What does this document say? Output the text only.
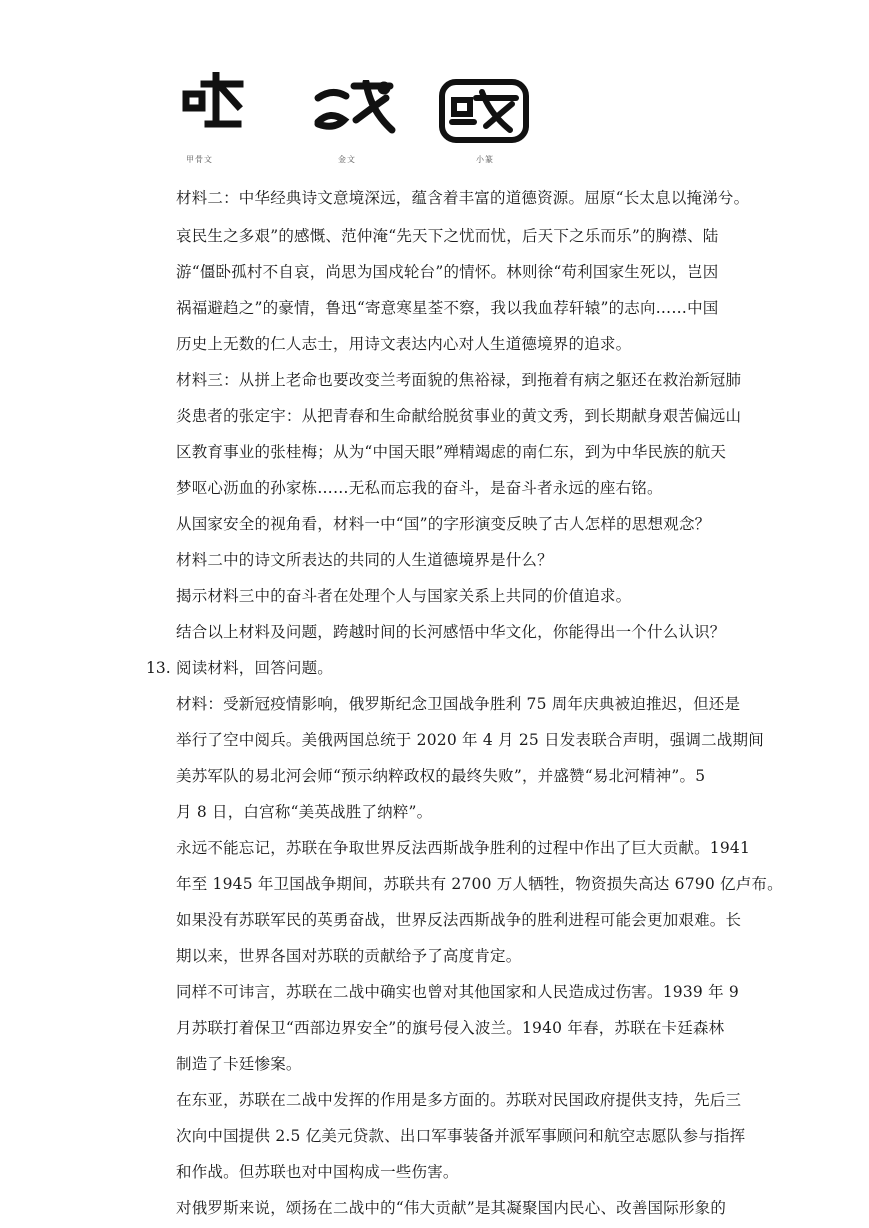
甲骨文	金文	小篆
材料二：中华经典诗文意境深远，蕴含着丰富的道德资源。屈原“长太息以掩涕兮。
哀民生之多艰”的感慨、范仲淹“先天下之忧而忧，后天下之乐而乐”的胸襟、陆
游“僵卧孤村不自哀，尚思为国戍轮台”的情怀。林则徐“苟利国家生死以，岂因
祸福避趋之”的豪情，鲁迅“寄意寒星荃不察，我以我血荐轩辕”的志向……中国
历史上无数的仁人志士，用诗文表达内心对人生道德境界的追求。
材料三：从拼上老命也要改变兰考面貌的焦裕禄，到拖着有病之躯还在救治新冠肺
炎患者的张定宇：从把青春和生命献给脱贫事业的黄文秀，到长期献身艰苦偏远山
区教育事业的张桂梅；从为“中国天眼”殚精竭虑的南仁东，到为中华民族的航天
梦呕心沥血的孙家栋……无私而忘我的奋斗，是奋斗者永远的座右铭。
从国家安全的视角看，材料一中“国”的字形演变反映了古人怎样的思想观念？
材料二中的诗文所表达的共同的人生道德境界是什么？
揭示材料三中的奋斗者在处理个人与国家关系上共同的价值追求。
结合以上材料及问题，跨越时间的长河感悟中华文化，你能得出一个什么认识？
13. 阅读材料，回答问题。
材料：受新冠疫情影响，俄罗斯纪念卫国战争胜利 75 周年庆典被迫推迟，但还是
举行了空中阅兵。美俄两国总统于 2020 年 4 月 25 日发表联合声明，强调二战期间
美苏军队的易北河会师“预示纳粹政权的最终失败”，并盛赞“易北河精神”。5
月 8 日，白宫称“美英战胜了纳粹”。
永远不能忘记，苏联在争取世界反法西斯战争胜利的过程中作出了巨大贡献。1941
年至 1945 年卫国战争期间，苏联共有 2700 万人牺牲，物资损失高达 6790 亿卢布。
如果没有苏联军民的英勇奋战，世界反法西斯战争的胜利进程可能会更加艰难。长
期以来，世界各国对苏联的贡献给予了高度肯定。
同样不可讳言，苏联在二战中确实也曾对其他国家和人民造成过伤害。1939 年 9
月苏联打着保卫“西部边界安全”的旗号侵入波兰。1940 年春，苏联在卡廷森林
制造了卡廷惨案。
在东亚，苏联在二战中发挥的作用是多方面的。苏联对民国政府提供支持，先后三
次向中国提供 2.5 亿美元贷款、出口军事装备并派军事顾问和航空志愿队参与指挥
和作战。但苏联也对中国构成一些伤害。
对俄罗斯来说，颂扬在二战中的“伟大贡献”是其凝聚国内民心、改善国际形象的
